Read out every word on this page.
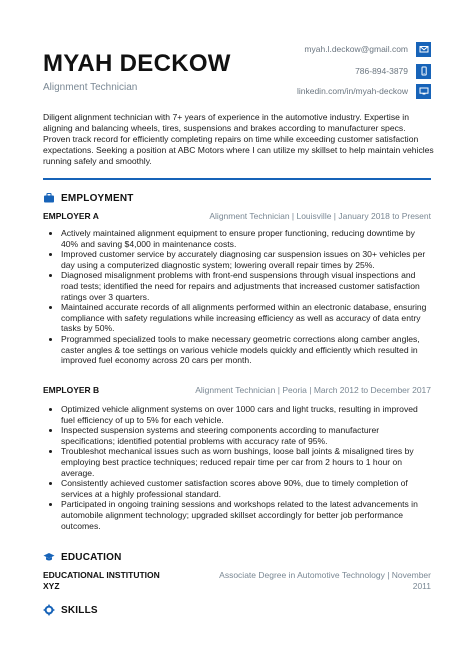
MYAH DECKOW
Alignment Technician
myah.l.deckow@gmail.com
786-894-3879
linkedin.com/in/myah-deckow
Diligent alignment technician with 7+ years of experience in the automotive industry. Expertise in aligning and balancing wheels, tires, suspensions and brakes according to manufacturer specs. Proven track record for efficiently completing repairs on time while exceeding customer satisfaction expectations. Seeking a position at ABC Motors where I can utilize my skillset to help maintain vehicles running safely and smoothly.
EMPLOYMENT
EMPLOYER A	Alignment Technician | Louisville | January 2018 to Present
Actively maintained alignment equipment to ensure proper functioning, reducing downtime by 40% and saving $4,000 in maintenance costs.
Improved customer service by accurately diagnosing car suspension issues on 30+ vehicles per day using a computerized diagnostic system; lowering overall repair times by 25%.
Diagnosed misalignment problems with front-end suspensions through visual inspections and road tests; identified the need for repairs and adjustments that increased customer satisfaction ratings over 3 quarters.
Maintained accurate records of all alignments performed within an electronic database, ensuring compliance with safety regulations while increasing efficiency as well as accuracy of data entry tasks by 50%.
Programmed specialized tools to make necessary geometric corrections along camber angles, caster angles & toe settings on various vehicle models quickly and efficiently which resulted in improved fuel economy across 20 cars per month.
EMPLOYER B	Alignment Technician | Peoria | March 2012 to December 2017
Optimized vehicle alignment systems on over 1000 cars and light trucks, resulting in improved fuel efficiency of up to 5% for each vehicle.
Inspected suspension systems and steering components according to manufacturer specifications; identified potential problems with accuracy rate of 95%.
Troubleshot mechanical issues such as worn bushings, loose ball joints & misaligned tires by employing best practice techniques; reduced repair time per car from 2 hours to 1 hour on average.
Consistently achieved customer satisfaction scores above 90%, due to timely completion of services at a highly professional standard.
Participated in ongoing training sessions and workshops related to the latest advancements in automobile alignment technology; upgraded skillset accordingly for better job performance outcomes.
EDUCATION
EDUCATIONAL INSTITUTION XYZ
Associate Degree in Automotive Technology | November 2011
SKILLS
